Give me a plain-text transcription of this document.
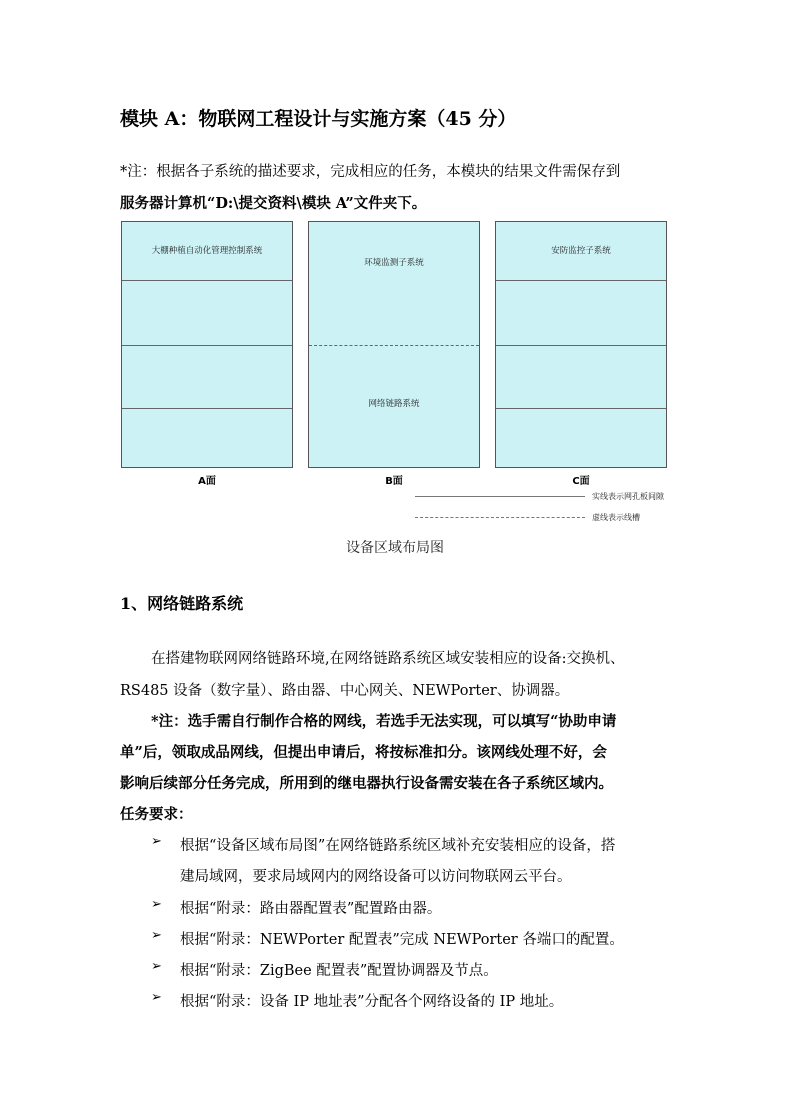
模块 A：物联网工程设计与实施方案（45 分）
*注：根据各子系统的描述要求，完成相应的任务，本模块的结果文件需保存到
服务器计算机“D:\提交资料\模块 A”文件夹下。
大棚种植自动化管理控制系统
环境监测子系统
网络链路系统
安防监控子系统
A面	B面	C面
实线表示网孔板间隙
虚线表示线槽
设备区域布局图
1、网络链路系统
在搭建物联网网络链路环境,在网络链路系统区域安装相应的设备:交换机、
RS485 设备（数字量）、路由器、中心网关、NEWPorter、协调器。
*注：选手需自行制作合格的网线，若选手无法实现，可以填写“协助申请
单”后，领取成品网线，但提出申请后，将按标准扣分。该网线处理不好，会
影响后续部分任务完成，所用到的继电器执行设备需安装在各子系统区域内。
任务要求：
➢ 根据“设备区域布局图”在网络链路系统区域补充安装相应的设备，搭
建局域网，要求局域网内的网络设备可以访问物联网云平台。
➢ 根据“附录：路由器配置表”配置路由器。
➢ 根据“附录：NEWPorter 配置表”完成 NEWPorter 各端口的配置。
➢ 根据“附录：ZigBee 配置表”配置协调器及节点。
➢ 根据“附录：设备 IP 地址表”分配各个网络设备的 IP 地址。
